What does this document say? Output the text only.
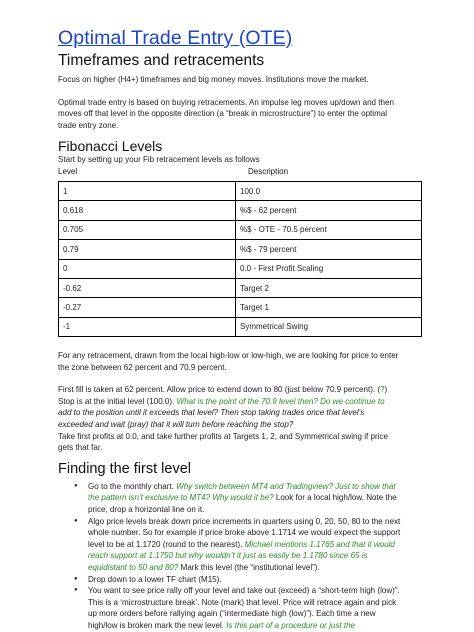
Optimal Trade Entry (OTE)
Timeframes and retracements

Focus on higher (H4+) timeframes and big money moves. Institutions move the market.

Optimal trade entry is based on buying retracements. An impulse leg moves up/down and then

moves off that level in the opposite direction (a “break in microstructure”) to enter the optimal

trade entry zone.

Fibonacci Levels

Start by setting up your Fib retracement levels as follows

Level	Description
1	100.0
0.618	%$ - 62 percent
0.705	%$ - OTE - 70.5 percent
0.79	%$ - 79 percent
0	0.0 - First Profit Scaling
-0.62	Target 2
-0.27	Target 1
-1	Symmetrical Swing

For any retracement, drawn from the local high-low or low-high, we are looking for price to enter

the zone between 62 percent and 70.9 percent.

First fill is taken at 62 percent. Allow price to extend down to 80 (just below 70.9 percent). (?)

Stop is at the initial level (100.0). What is the point of the 70.9 level then? Do we continue to

add to the position until it exceeds that level? Then stop taking trades once that level’s

exceeded and wait (pray) that it will turn before reaching the stop?

Take first profits at 0.0, and take further profits at Targets 1, 2, and Symmetrical swing if price

gets that far.

Finding the first level
● Go to the monthly chart. Why switch between MT4 and Tradingview? Just to show that
the pattern isn’t exclusive to MT4? Why would it be? Look for a local high/low. Note the
price, drop a horizontal line on it.
● Algo price levels break down price increments in quarters using 0, 20, 50, 80 to the next
whole number. So for example if price broke above 1.1714 we would expect the support
level to be at 1.1720 (round to the nearest). Michael mentions 1.1765 and that it would
reach support at 1.1750 but why wouldn’t it just as easily be 1.1780 since 65 is
equidistant to 50 and 80? Mark this level (the “institutional level”).
● Drop down to a lower TF chart (M15).
● You want to see price rally off your level and take out (exceed) a “short-term high (low)”.
This is a ‘microstructure break’. Note (mark) that level. Price will retrace again and pick
up more orders before rallying again (“intermediate high (low)”). Each time a new
high/low is broken mark the new level. Is this part of a procedure or just the
